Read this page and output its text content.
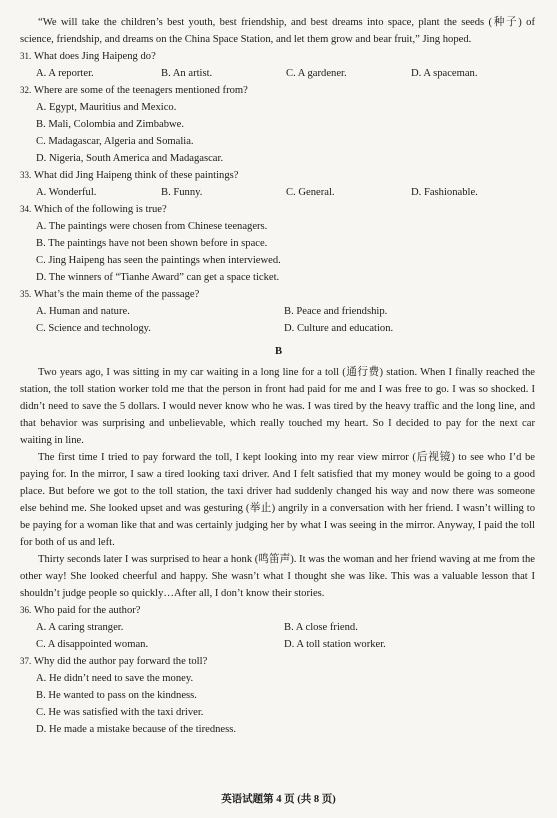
“We will take the children’s best youth, best friendship, and best dreams into space, plant the seeds (种子) of science, friendship, and dreams on the China Space Station, and let them grow and bear fruit,” Jing hoped.

31. What does Jing Haipeng do?

A. A reporter.	B. An artist.	C. A gardener.	D. A spaceman.

32. Where are some of the teenagers mentioned from?

A. Egypt, Mauritius and Mexico.

B. Mali, Colombia and Zimbabwe.

C. Madagascar, Algeria and Somalia.

D. Nigeria, South America and Madagascar.

33. What did Jing Haipeng think of these paintings?

A. Wonderful.	B. Funny.	C. General.	D. Fashionable.

34. Which of the following is true?

A. The paintings were chosen from Chinese teenagers.

B. The paintings have not been shown before in space.

C. Jing Haipeng has seen the paintings when interviewed.

D. The winners of “Tianhe Award” can get a space ticket.

35. What’s the main theme of the passage?

A. Human and nature.	B. Peace and friendship.

C. Science and technology.	D. Culture and education.

B

Two years ago, I was sitting in my car waiting in a long line for a toll (通行费) station. When I finally reached the station, the toll station worker told me that the person in front had paid for me and I was free to go. I was so shocked. I didn’t need to save the 5 dollars. I would never know who he was. I was tired by the heavy traffic and the long line, and that behavior was surprising and unbelievable, which really touched my heart. So I decided to pay for the next car waiting in line.

The first time I tried to pay forward the toll, I kept looking into my rear view mirror (后视镜) to see who I’d be paying for. In the mirror, I saw a tired looking taxi driver. And I felt satisfied that my money would be going to a good place. But before we got to the toll station, the taxi driver had suddenly changed his way and now there was someone else behind me. She looked upset and was gesturing (举止) angrily in a conversation with her friend. I wasn’t willing to be paying for a woman like that and was certainly judging her by what I was seeing in the mirror. Anyway, I paid the toll for both of us and left.

Thirty seconds later I was surprised to hear a honk (鸣笛声). It was the woman and her friend waving at me from the other way! She looked cheerful and happy. She wasn’t what I thought she was like. This was a valuable lesson that I shouldn’t judge people so quickly…After all, I don’t know their stories.

36. Who paid for the author?

A. A caring stranger.	B. A close friend.

C. A disappointed woman.	D. A toll station worker.

37. Why did the author pay forward the toll?

A. He didn’t need to save the money.

B. He wanted to pass on the kindness.

C. He was satisfied with the taxi driver.

D. He made a mistake because of the tiredness.

英语试题第 4 页 (共 8 页)
